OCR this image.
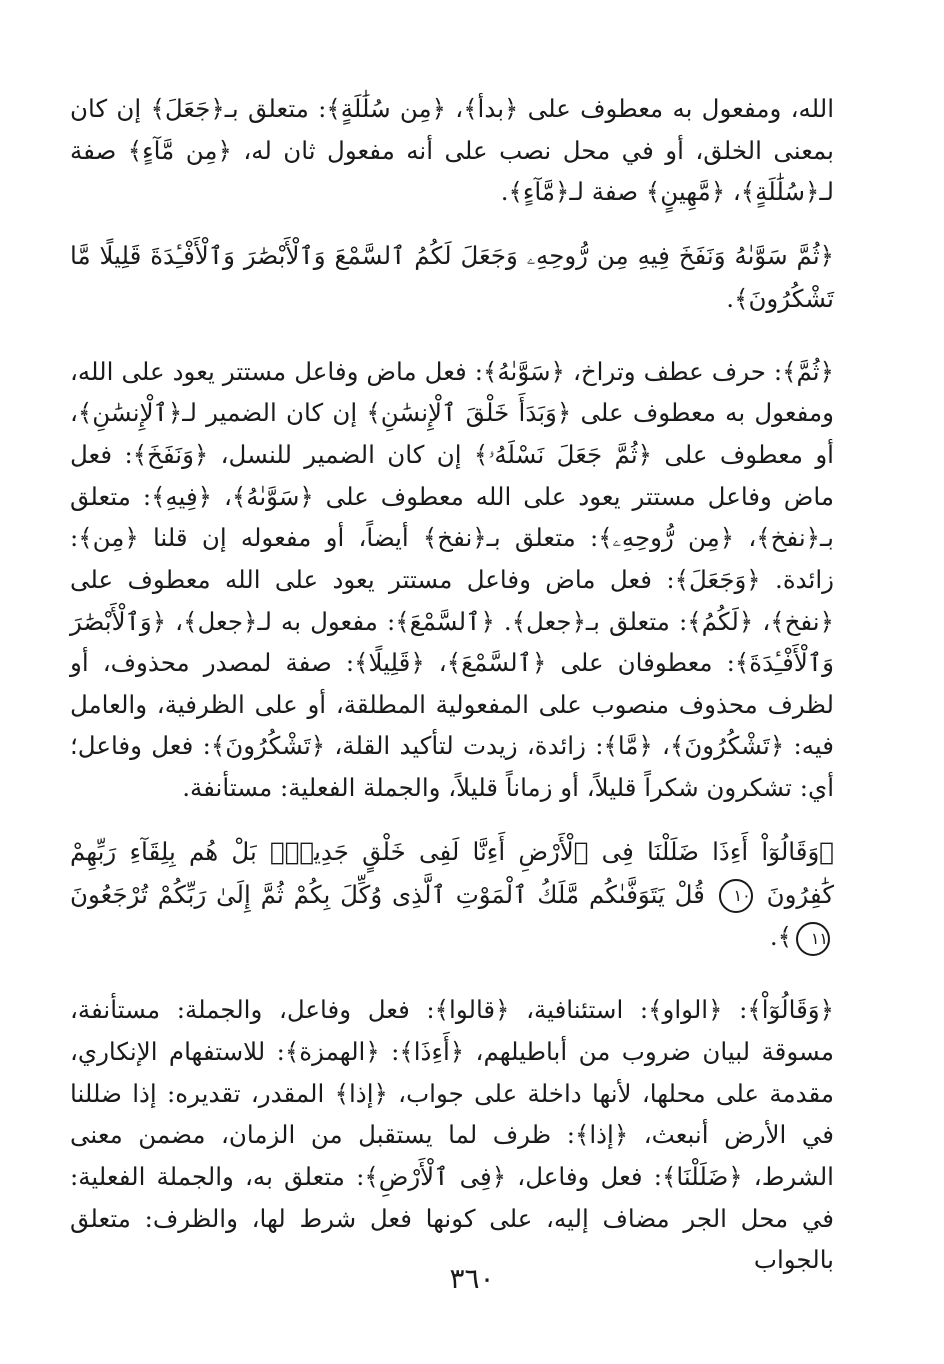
الله، ومفعول به معطوف على ﴿بدأ﴾، ﴿مِن سُلَٰلَةٍ﴾: متعلق بـ﴿جَعَلَ﴾ إن كان بمعنى الخلق، أو في محل نصب على أنه مفعول ثان له، ﴿مِن مَّآءٍ﴾ صفة لـ﴿سُلَٰلَةٍ﴾، ﴿مَّهِينٍ﴾ صفة لـ﴿مَّآءٍ﴾.

﴿ثُمَّ سَوَّىٰهُ وَنَفَخَ فِيهِ مِن رُّوحِهِۦ وَجَعَلَ لَكُمُ ٱلسَّمْعَ وَٱلْأَبْصَٰرَ وَٱلْأَفْـِٔدَةَ قَلِيلًا مَّا تَشْكُرُونَ﴾.

﴿ثُمَّ﴾: حرف عطف وتراخ، ﴿سَوَّىٰهُ﴾: فعل ماض وفاعل مستتر يعود على الله، ومفعول به معطوف على ﴿وَبَدَأَ خَلْقَ ٱلْإِنسَٰنِ﴾ إن كان الضمير لـ﴿ٱلْإِنسَٰنِ﴾، أو معطوف على ﴿ثُمَّ جَعَلَ نَسْلَهُۥ﴾ إن كان الضمير للنسل، ﴿وَنَفَخَ﴾: فعل ماض وفاعل مستتر يعود على الله معطوف على ﴿سَوَّىٰهُ﴾، ﴿فِيهِ﴾: متعلق بـ﴿نفخ﴾، ﴿مِن رُّوحِهِۦ﴾: متعلق بـ﴿نفخ﴾ أيضاً، أو مفعوله إن قلنا ﴿مِن﴾: زائدة. ﴿وَجَعَلَ﴾: فعل ماض وفاعل مستتر يعود على الله معطوف على ﴿نفخ﴾، ﴿لَكُمُ﴾: متعلق بـ﴿جعل﴾. ﴿ٱلسَّمْعَ﴾: مفعول به لـ﴿جعل﴾، ﴿وَٱلْأَبْصَٰرَ وَٱلْأَفْـِٔدَةَ﴾: معطوفان على ﴿ٱلسَّمْعَ﴾، ﴿قَلِيلًا﴾: صفة لمصدر محذوف، أو لظرف محذوف منصوب على المفعولية المطلقة، أو على الظرفية، والعامل فيه: ﴿تَشْكُرُونَ﴾، ﴿مَّا﴾: زائدة، زيدت لتأكيد القلة، ﴿تَشْكُرُونَ﴾: فعل وفاعل؛ أي: تشكرون شكراً قليلاً، أو زماناً قليلاً، والجملة الفعلية: مستأنفة.

﴿وَقَالُوٓاْ أَءِذَا ضَلَلْنَا فِى ٱلْأَرْضِ أَءِنَّا لَفِى خَلْقٍ جَدِيدٍۭ بَلْ هُم بِلِقَآءِ رَبِّهِمْ كَٰفِرُونَ ١٠ قُلْ يَتَوَفَّىٰكُم مَّلَكُ ٱلْمَوْتِ ٱلَّذِى وُكِّلَ بِكُمْ ثُمَّ إِلَىٰ رَبِّكُمْ تُرْجَعُونَ ١١﴾.

﴿وَقَالُوٓاْ﴾: ﴿الواو﴾: استئنافية، ﴿قالوا﴾: فعل وفاعل، والجملة: مستأنفة، مسوقة لبيان ضروب من أباطيلهم، ﴿أَءِذَا﴾: ﴿الهمزة﴾: للاستفهام الإنكاري، مقدمة على محلها، لأنها داخلة على جواب، ﴿إذا﴾ المقدر، تقديره: إذا ضللنا في الأرض أنبعث، ﴿إذا﴾: ظرف لما يستقبل من الزمان، مضمن معنى الشرط، ﴿ضَلَلْنَا﴾: فعل وفاعل، ﴿فِى ٱلْأَرْضِ﴾: متعلق به، والجملة الفعلية: في محل الجر مضاف إليه، على كونها فعل شرط لها، والظرف: متعلق بالجواب

٣٦٠
